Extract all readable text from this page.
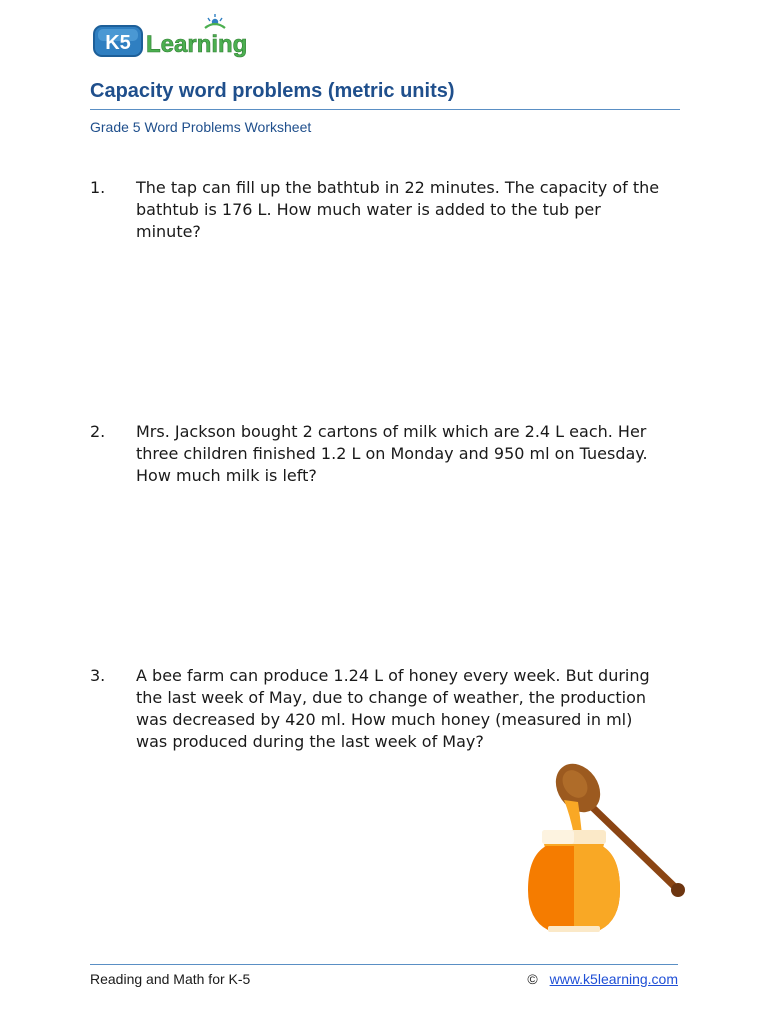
K5 Learning
Capacity word problems (metric units)
Grade 5 Word Problems Worksheet
1.	The tap can fill up the bathtub in 22 minutes. The capacity of the bathtub is 176 L. How much water is added to the tub per minute?
2.	Mrs. Jackson bought 2 cartons of milk which are 2.4 L each. Her three children finished 1.2 L on Monday and 950 ml on Tuesday. How much milk is left?
3.	A bee farm can produce 1.24 L of honey every week. But during the last week of May, due to change of weather, the production was decreased by 420 ml. How much honey (measured in ml) was produced during the last week of May?
Reading and Math for K-5	© www.k5learning.com
